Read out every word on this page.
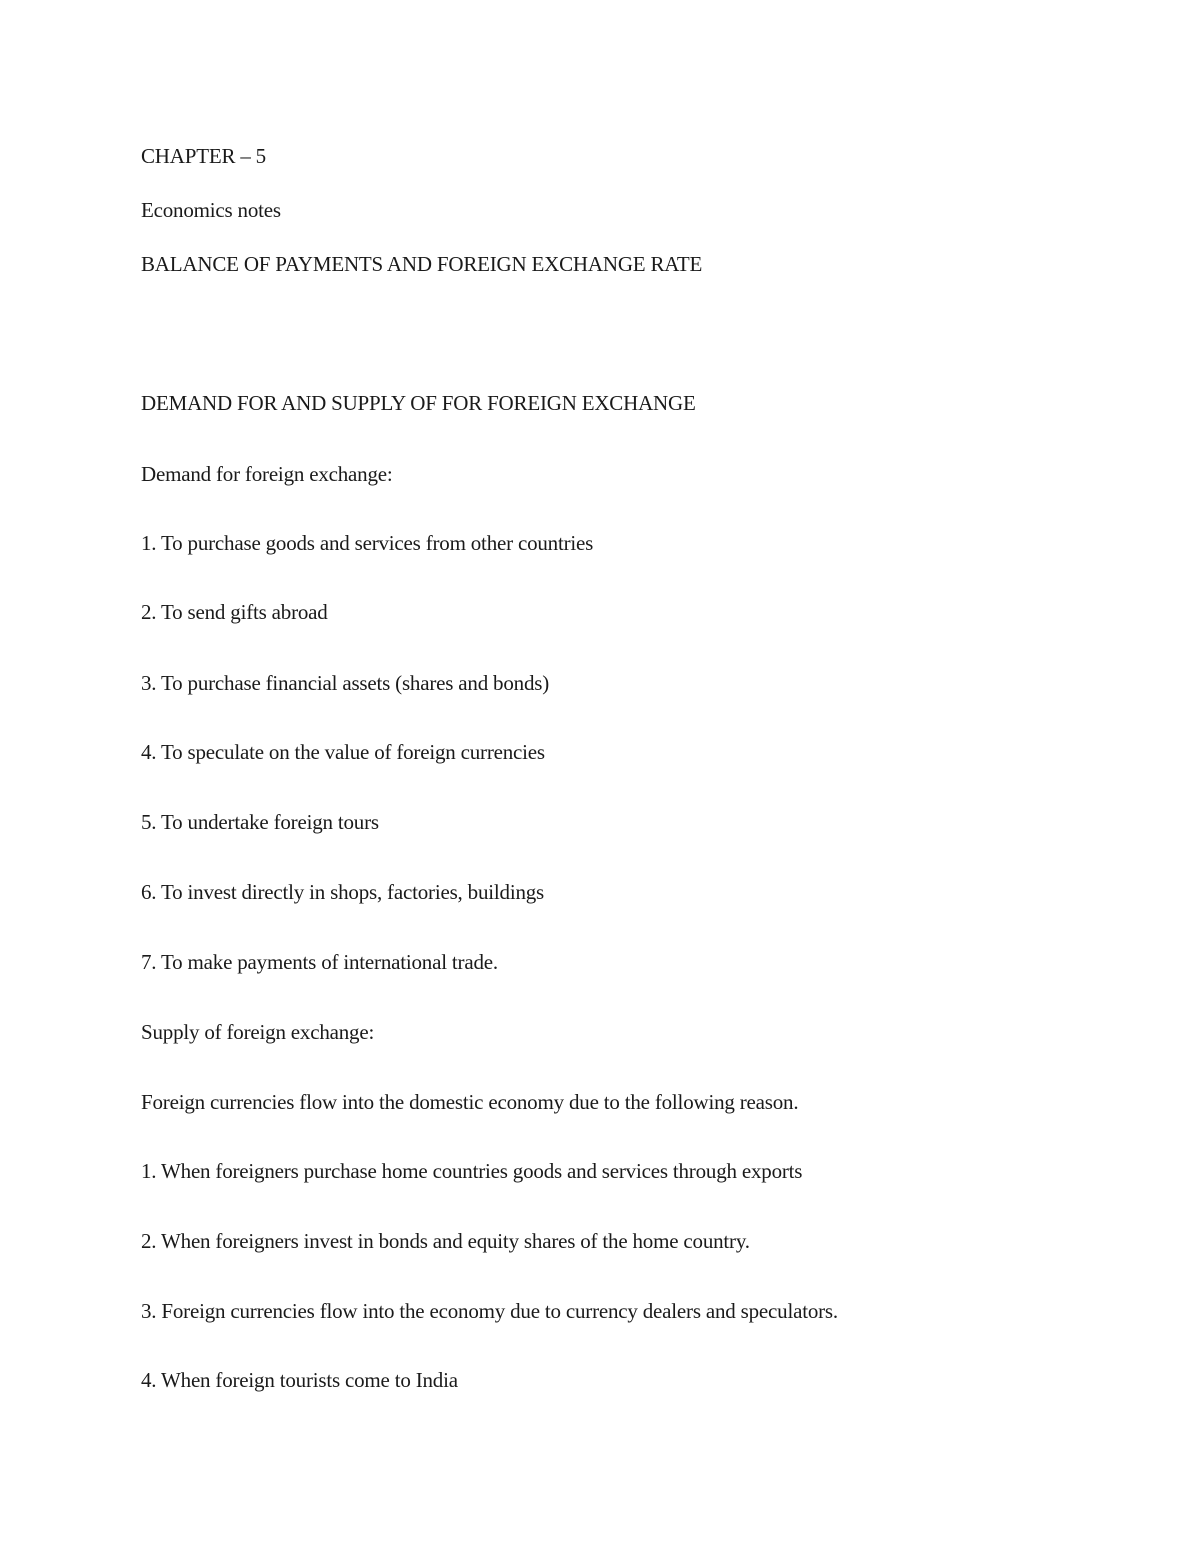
CHAPTER – 5
Economics notes
BALANCE OF PAYMENTS AND FOREIGN EXCHANGE RATE
DEMAND FOR AND SUPPLY OF FOR FOREIGN EXCHANGE
Demand for foreign exchange:
1. To purchase goods and services from other countries
2. To send gifts abroad
3. To purchase financial assets (shares and bonds)
4. To speculate on the value of foreign currencies
5. To undertake foreign tours
6. To invest directly in shops, factories, buildings
7. To make payments of international trade.
Supply of foreign exchange:
Foreign currencies flow into the domestic economy due to the following reason.
1. When foreigners purchase home countries goods and services through exports
2. When foreigners invest in bonds and equity shares of the home country.
3. Foreign currencies flow into the economy due to currency dealers and speculators.
4. When foreign tourists come to India
